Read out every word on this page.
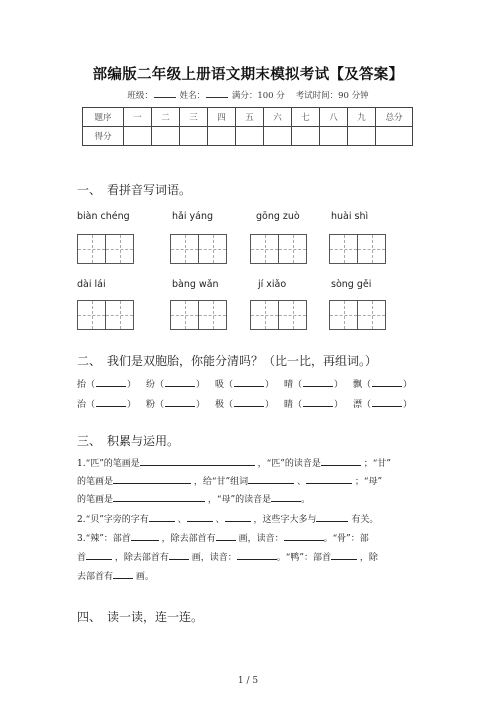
部编版二年级上册语文期末模拟考试【及答案】
班级：	姓名：	满分：100 分 考试时间：90 分钟
题序	一	二	三	四	五	六	七	八	九	总分
得分										
一、 看拼音写词语。
biàn chéng	hǎi yáng	gōng zuò	huài shì
dài lái	bàng wǎn	jí xiǎo	sòng gěi
二、 我们是双胞胎，你能分清吗？（比一比，再组词。）
抬（	） 纷（	） 吸（	） 晴（	） 飘（	）
治（	） 粉（	） 极（	） 睛（	） 漂（	）
三、 积累与运用。
1.“匹”的笔画是	，“匹”的读音是	；“甘”
的笔画是	，给“甘”组词	、	；“母”
的笔画是	，“母”的读音是	。
2.“贝”字旁的字有	、	、	，这些字大多与	有关。
3.“辣”：部首	，除去部首有	画，读音：	。“骨”：部
首	，除去部首有	画，读音：	。“鸭”：部首	，除
去部首有	画。
四、 读一读，连一连。
1 / 5
